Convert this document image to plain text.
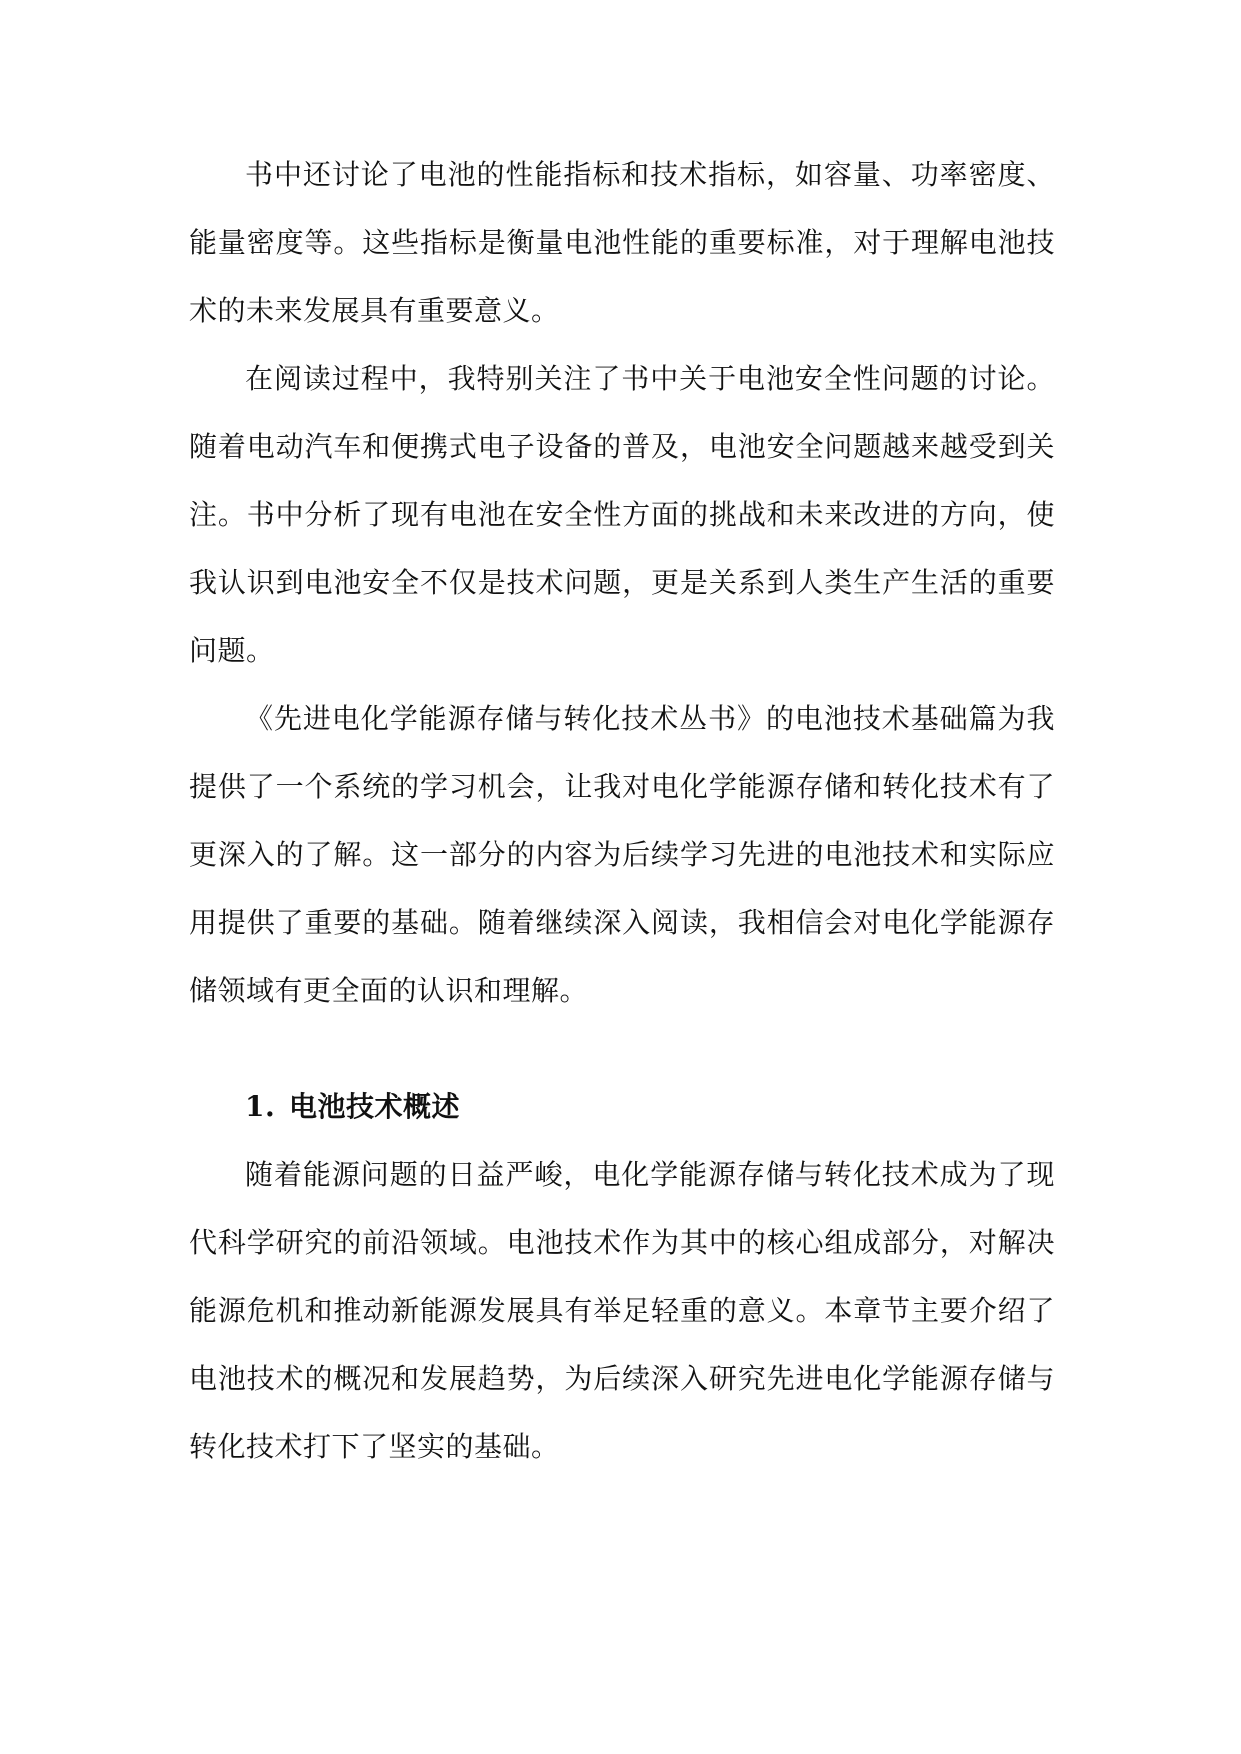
书中还讨论了电池的性能指标和技术指标，如容量、功率密度、能量密度等。这些指标是衡量电池性能的重要标准，对于理解电池技术的未来发展具有重要意义。

在阅读过程中，我特别关注了书中关于电池安全性问题的讨论。随着电动汽车和便携式电子设备的普及，电池安全问题越来越受到关注。书中分析了现有电池在安全性方面的挑战和未来改进的方向，使我认识到电池安全不仅是技术问题，更是关系到人类生产生活的重要问题。

《先进电化学能源存储与转化技术丛书》的电池技术基础篇为我提供了一个系统的学习机会，让我对电化学能源存储和转化技术有了更深入的了解。这一部分的内容为后续学习先进的电池技术和实际应用提供了重要的基础。随着继续深入阅读，我相信会对电化学能源存储领域有更全面的认识和理解。

1. 电池技术概述

随着能源问题的日益严峻，电化学能源存储与转化技术成为了现代科学研究的前沿领域。电池技术作为其中的核心组成部分，对解决能源危机和推动新能源发展具有举足轻重的意义。本章节主要介绍了电池技术的概况和发展趋势，为后续深入研究先进电化学能源存储与转化技术打下了坚实的基础。
